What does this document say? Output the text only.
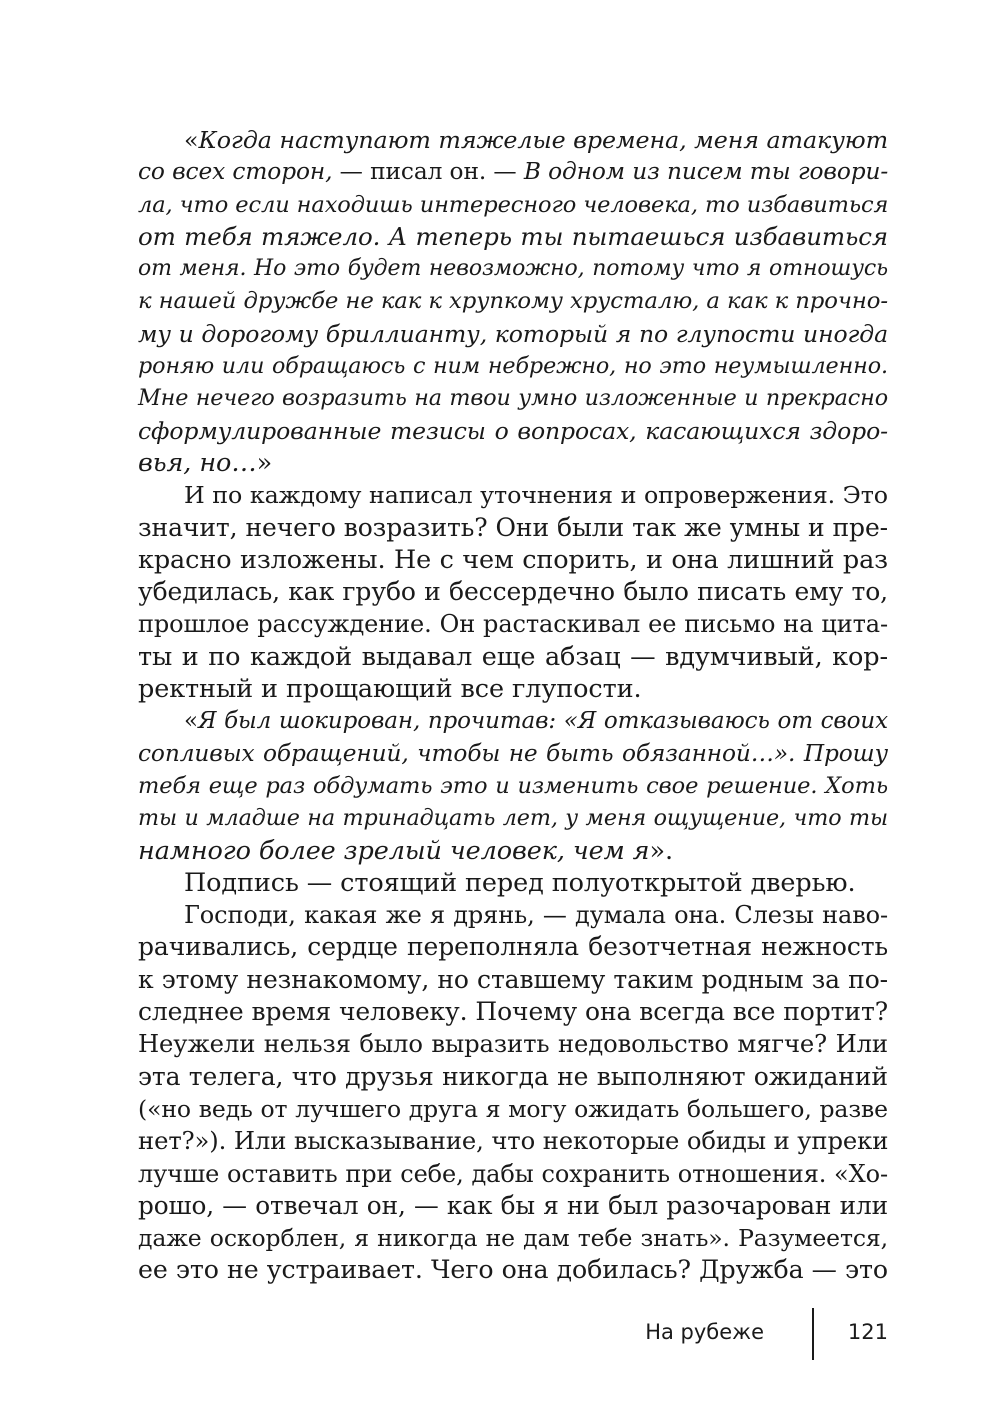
«Когда наступают тяжелые времена, меня атакуют
со всех сторон, — писал он. — В одном из писем ты говори-
ла, что если находишь интересного человека, то избавиться
от тебя тяжело. А теперь ты пытаешься избавиться
от меня. Но это будет невозможно, потому что я отношусь
к нашей дружбе не как к хрупкому хрусталю, а как к прочно-
му и дорогому бриллианту, который я по глупости иногда
роняю или обращаюсь с ним небрежно, но это неумышленно.
Мне нечего возразить на твои умно изложенные и прекрасно
сформулированные тезисы о вопросах, касающихся здоро-
вья, но…»
И по каждому написал уточнения и опровержения. Это
значит, нечего возразить? Они были так же умны и пре-
красно изложены. Не с чем спорить, и она лишний раз
убедилась, как грубо и бессердечно было писать ему то,
прошлое рассуждение. Он растаскивал ее письмо на цита-
ты и по каждой выдавал еще абзац — вдумчивый, кор-
ректный и прощающий все глупости.
«Я был шокирован, прочитав: «Я отказываюсь от своих
сопливых обращений, чтобы не быть обязанной…». Прошу
тебя еще раз обдумать это и изменить свое решение. Хоть
ты и младше на тринадцать лет, у меня ощущение, что ты
намного более зрелый человек, чем я».
Подпись — стоящий перед полуоткрытой дверью.
Господи, какая же я дрянь, — думала она. Слезы наво-
рачивались, сердце переполняла безотчетная нежность
к этому незнакомому, но ставшему таким родным за по-
следнее время человеку. Почему она всегда все портит?
Неужели нельзя было выразить недовольство мягче? Или
эта телега, что друзья никогда не выполняют ожиданий
(«но ведь от лучшего друга я могу ожидать большего, разве
нет?»). Или высказывание, что некоторые обиды и упреки
лучше оставить при себе, дабы сохранить отношения. «Хо-
рошо, — отвечал он, — как бы я ни был разочарован или
даже оскорблен, я никогда не дам тебе знать». Разумеется,
ее это не устраивает. Чего она добилась? Дружба — это
На рубеже	121
